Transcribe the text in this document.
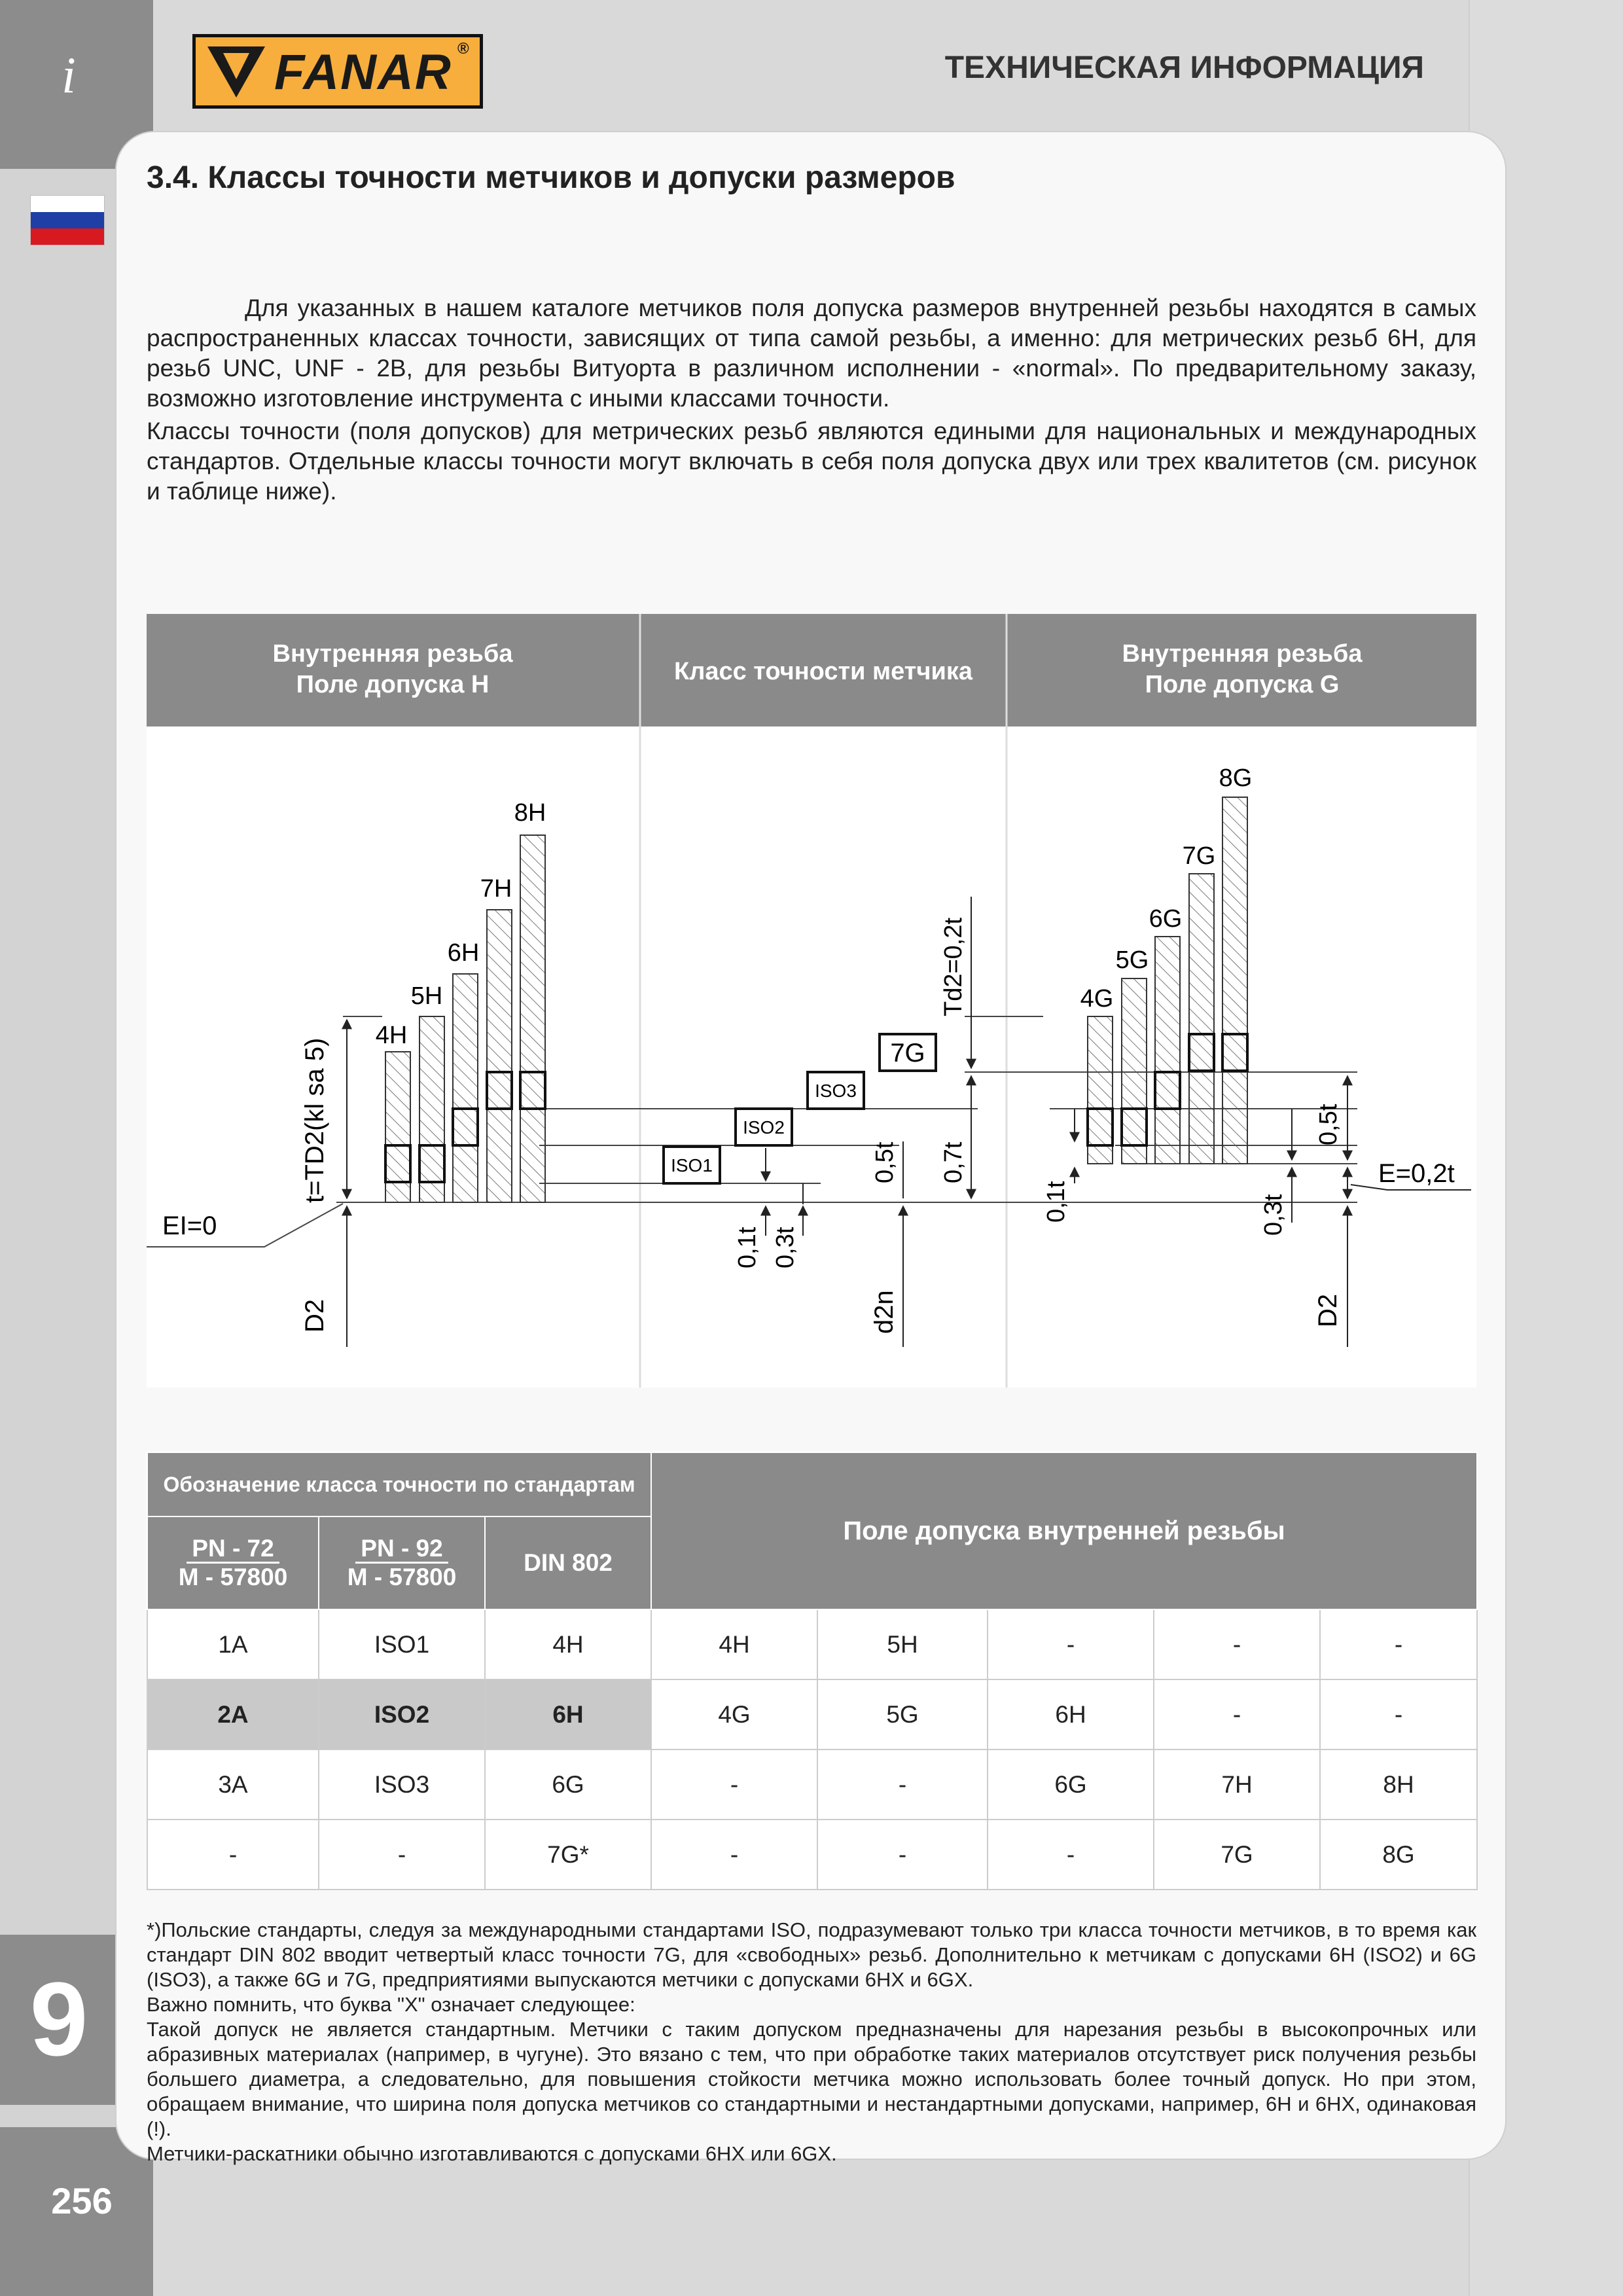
i
9
256
FANAR ®
ТЕХНИЧЕСКАЯ ИНФОРМАЦИЯ
3.4. Классы точности метчиков и допуски размеров

Для указанных в нашем каталоге метчиков поля допуска размеров внутренней резьбы находятся в самых распространенных классах точности, зависящих от типа самой резьбы, а именно: для метрических резьб 6H, для резьб UNC, UNF - 2B, для резьбы Витуорта в различном исполнении - «normal». По предварительному заказу, возможно изготовление инструмента с иными классами точности.

Классы точности (поля допусков) для метрических резьб являются едиными для национальных и международных стандартов. Отдельные классы точности могут включать в себя поля допуска двух или трех квалитетов (см. рисунок и таблице ниже).

Внутренняя резьба
Поле допуска H	Класс точности метчика
Внутренняя резьба
Поле допуска G
4H
5H
6H
7H
8H
EI=0
t=TD2(kl sa 5)
D2
ISO1
ISO2
ISO3
7G
0,1t 0,3t
0,5t 0,7t
Td2=0,2t
d2n
4G
5G
6G
7G
8G
0,1t	0,3t
0,5t
D2
E=0,2t
Обозначение класса точности по стандартам			Поле допуска внутренней резьбы				
$\frac{PN - 72}{M - 57800}$	$\frac{PN - 92}{M - 57800}$	DIN 802					
1A	ISO1	4H	4H	5H	-	-	-
2A	ISO2	6H	4G	5G	6H	-	-
3A	ISO3	6G	-	-	6G	7H	8H
-	-	7G*	-	-	-	7G	8G

*)Польские стандарты, следуя за международными стандартами ISO, подразумевают только три класса точности метчиков, в то время как стандарт DIN 802 вводит четвертый класс точности 7G, для «свободных» резьб. Дополнительно к метчикам с допусками 6H (ISO2) и 6G (ISO3), а также 6G и 7G, предприятиями выпускаются метчики с допусками 6HX и 6GX.

Важно помнить, что буква "X" означает следующее:

Такой допуск не является стандартным. Метчики с таким допуском предназначены для нарезания резьбы в высокопрочных или абразивных материалах (например, в чугуне). Это вязано с тем, что при обработке таких материалов отсутствует риск получения резьбы большего диаметра, а следовательно, для повышения стойкости метчика можно использовать более точный допуск. Но при этом, обращаем внимание, что ширина поля допуска метчиков со стандартными и нестандартными допусками, например, 6H и 6HX, одинаковая (!).

Метчики-раскатники обычно изготавливаются с допусками 6HX или 6GX.
